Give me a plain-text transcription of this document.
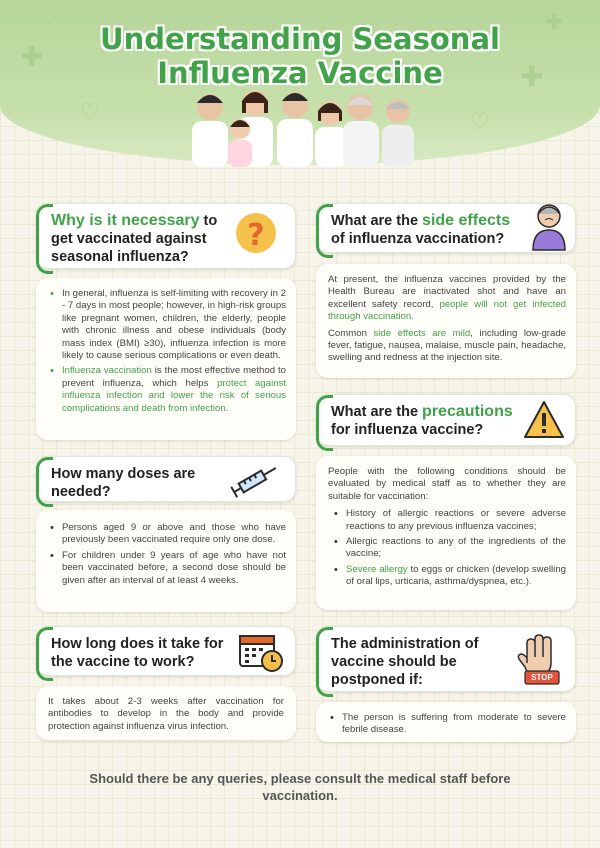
✚
✚
♡	♡
✚
♡
Understanding Seasonal
Influenza Vaccine
Why is it necessary to get vaccinated against seasonal influenza?
?
• In general, influenza is self-limiting with recovery in 2 - 7 days in most people; however, in high-risk groups like pregnant women, children, the elderly, people with chronic illness and obese individuals (body mass index (BMI) ≥30), influenza infection is more likely to cause serious complications or even death.
• Influenza vaccination is the most effective method to prevent influenza, which helps protect against influenza infection and lower the risk of serious complications and death from infection.
How many doses are needed?
• Persons aged 9 or above and those who have previously been vaccinated require only one dose.
• For children under 9 years of age who have not been vaccinated before, a second dose should be given after an interval of at least 4 weeks.
How long does it take for the vaccine to work?
It takes about 2-3 weeks after vaccination for antibodies to develop in the body and provide protection against influenza virus infection.
What are the side effects of influenza vaccination?

At present, the influenza vaccines provided by the Health Bureau are inactivated shot and have an excellent safety record, people will not get infected through vaccination.

Common side effects are mild, including low-grade fever, fatigue, nausea, malaise, muscle pain, headache, swelling and redness at the injection site.

What are the precautions for influenza vaccine?

People with the following conditions should be evaluated by medical staff as to whether they are suitable for vaccination:

• History of allergic reactions or severe adverse reactions to any previous influenza vaccines;
• Allergic reactions to any of the ingredients of the vaccine;
• Severe allergy to eggs or chicken (develop swelling of oral lips, urticaria, asthma/dyspnea, etc.).
The administration of vaccine should be postponed if:	STOP
• The person is suffering from moderate to severe febrile disease.
Should there be any queries, please consult the medical staff before vaccination.
